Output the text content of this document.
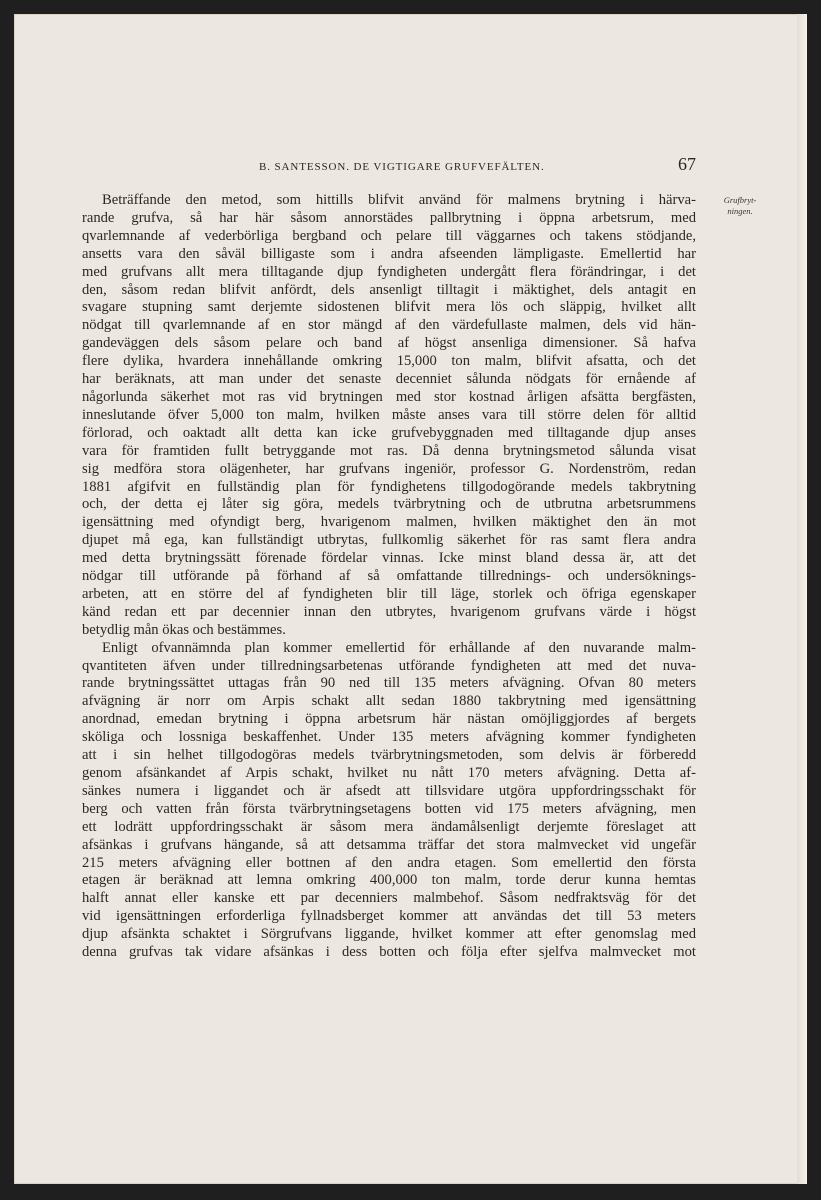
B. SANTESSON. DE VIGTIGARE GRUFVEFÄLTEN.	67
Grufbryt-
ningen.
Beträffande den metod, som hittills blifvit använd för malmens brytning i härva-
rande grufva, så har här såsom annorstädes pallbrytning i öppna arbetsrum, med
qvarlemnande af vederbörliga bergband och pelare till väggarnes och takens stödjande,
ansetts vara den såväl billigaste som i andra afseenden lämpligaste. Emellertid har
med grufvans allt mera tilltagande djup fyndigheten undergått flera förändringar, i det
den, såsom redan blifvit anfördt, dels ansenligt tilltagit i mäktighet, dels antagit en
svagare stupning samt derjemte sidostenen blifvit mera lös och släppig, hvilket allt
nödgat till qvarlemnande af en stor mängd af den värdefullaste malmen, dels vid hän-
gandeväggen dels såsom pelare och band af högst ansenliga dimensioner. Så hafva
flere dylika, hvardera innehållande omkring 15,000 ton malm, blifvit afsatta, och det
har beräknats, att man under det senaste decenniet sålunda nödgats för ernående af
någorlunda säkerhet mot ras vid brytningen med stor kostnad årligen afsätta bergfästen,
inneslutande öfver 5,000 ton malm, hvilken måste anses vara till större delen för alltid
förlorad, och oaktadt allt detta kan icke grufvebyggnaden med tilltagande djup anses
vara för framtiden fullt betryggande mot ras. Då denna brytningsmetod sålunda visat
sig medföra stora olägenheter, har grufvans ingeniör, professor G. Nordenström, redan
1881 afgifvit en fullständig plan för fyndighetens tillgodogörande medels takbrytning
och, der detta ej låter sig göra, medels tvärbrytning och de utbrutna arbetsrummens
igensättning med ofyndigt berg, hvarigenom malmen, hvilken mäktighet den än mot
djupet må ega, kan fullständigt utbrytas, fullkomlig säkerhet för ras samt flera andra
med detta brytningssätt förenade fördelar vinnas. Icke minst bland dessa är, att det
nödgar till utförande på förhand af så omfattande tillrednings- och undersöknings-
arbeten, att en större del af fyndigheten blir till läge, storlek och öfriga egenskaper
känd redan ett par decennier innan den utbrytes, hvarigenom grufvans värde i högst
betydlig mån ökas och bestämmes.
Enligt ofvannämnda plan kommer emellertid för erhållande af den nuvarande malm-
qvantiteten äfven under tillredningsarbetenas utförande fyndigheten att med det nuva-
rande brytningssättet uttagas från 90 ned till 135 meters afvägning. Ofvan 80 meters
afvägning är norr om Arpis schakt allt sedan 1880 takbrytning med igensättning
anordnad, emedan brytning i öppna arbetsrum här nästan omöjliggjordes af bergets
sköliga och lossniga beskaffenhet. Under 135 meters afvägning kommer fyndigheten
att i sin helhet tillgodogöras medels tvärbrytningsmetoden, som delvis är förberedd
genom afsänkandet af Arpis schakt, hvilket nu nått 170 meters afvägning. Detta af-
sänkes numera i liggandet och är afsedt att tillsvidare utgöra uppfordringsschakt för
berg och vatten från första tvärbrytningsetagens botten vid 175 meters afvägning, men
ett lodrätt uppfordringsschakt är såsom mera ändamålsenligt derjemte föreslaget att
afsänkas i grufvans hängande, så att detsamma träffar det stora malmvecket vid ungefär
215 meters afvägning eller bottnen af den andra etagen. Som emellertid den första
etagen är beräknad att lemna omkring 400,000 ton malm, torde derur kunna hemtas
halft annat eller kanske ett par decenniers malmbehof. Såsom nedfraktsväg för det
vid igensättningen erforderliga fyllnadsberget kommer att användas det till 53 meters
djup afsänkta schaktet i Sörgrufvans liggande, hvilket kommer att efter genomslag med
denna grufvas tak vidare afsänkas i dess botten och följa efter sjelfva malmvecket mot
